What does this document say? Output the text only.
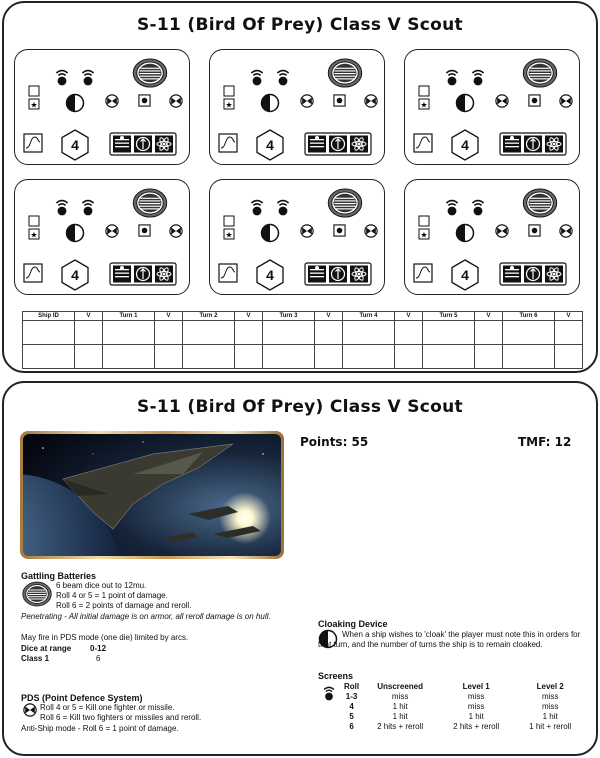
S-11 (Bird Of Prey) Class V Scout
★
4
★
4
★
4
★
4
★
4
★
4
Ship ID	V	Turn 1	V	Turn 2	V	Turn 3	V	Turn 4	V	Turn 5	V	Turn 6	V

S-11 (Bird Of Prey) Class V Scout
Points: 55	TMF: 12
Gattling Batteries
6 beam dice out to 12mu.
Roll 4 or 5 = 1 point of damage.
Roll 6 = 2 points of damage and reroll.
Penetrating - All initial damage is on armor, all reroll damage is on hull.
May fire in PDS mode (one die) limited by arcs.
Dice at range 0-12
Class 1	6
PDS (Point Defence System)
Roll 4 or 5 = Kill one fighter or missile.
Roll 6 = Kill two fighters or missiles and reroll.
Anti-Ship mode - Roll 6 = 1 point of damage.
Cloaking Device
When a ship wishes to 'cloak' the player must note this in orders for that turn, and the number of turns the ship is to remain cloaked.
Screens
Roll	Unscreened	Level 1	Level 2
1-3	miss	miss	miss
4	1 hit	miss	miss
5	1 hit	1 hit	1 hit
6	2 hits + reroll	2 hits + reroll	1 hit + reroll
